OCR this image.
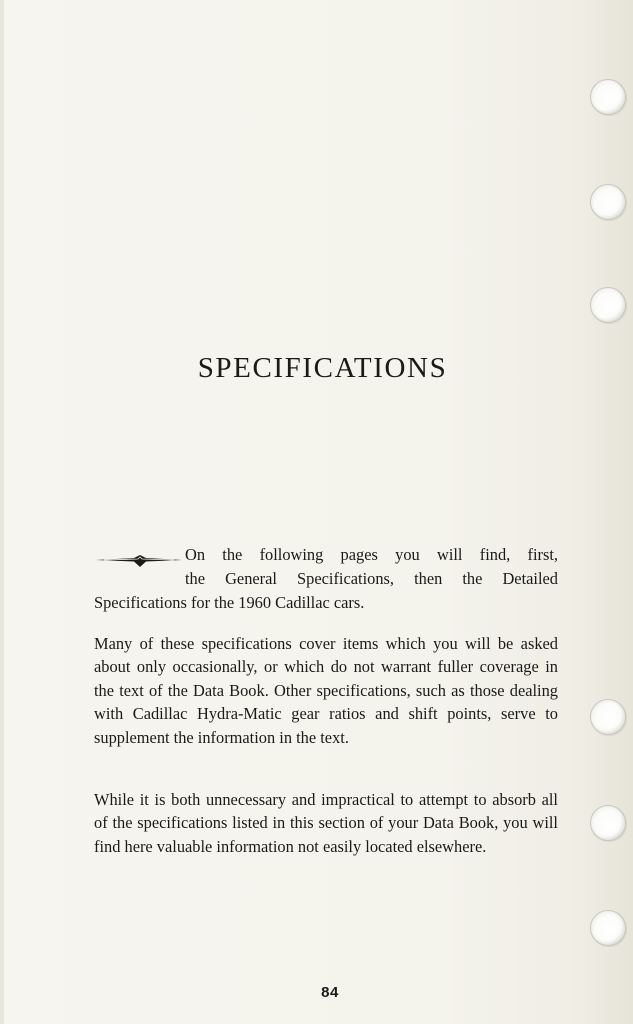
SPECIFICATIONS

On the following pages you will find, first,

the General Specifications, then the Detailed

Specifications for the 1960 Cadillac cars.

Many of these specifications cover items which you will be asked about only occasionally, or which do not warrant fuller coverage in the text of the Data Book. Other specifications, such as those dealing with Cadillac Hydra-Matic gear ratios and shift points, serve to supplement the information in the text.

While it is both unnecessary and impractical to attempt to absorb all of the specifications listed in this section of your Data Book, you will find here valuable information not easily located elsewhere.

84
